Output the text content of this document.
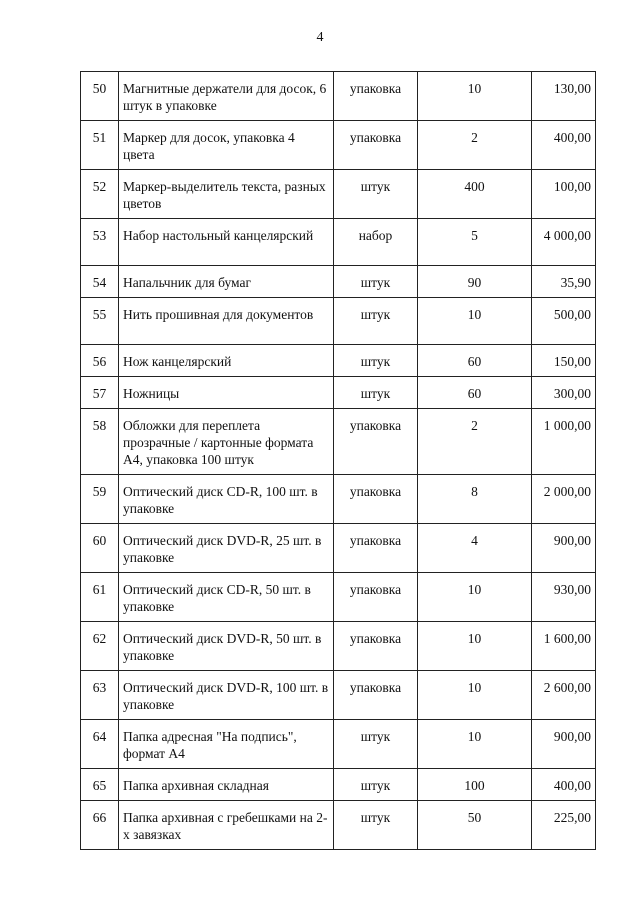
4
50	Магнитные держатели для досок, 6 штук в упаковке	упаковка	10	130,00
51	Маркер для досок, упаковка 4 цвета	упаковка	2	400,00
52	Маркер-выделитель текста, разных цветов	штук	400	100,00
53	Набор настольный канцелярский	набор	5	4 000,00
54	Напальчник для бумаг	штук	90	35,90
55	Нить прошивная для документов	штук	10	500,00
56	Нож канцелярский	штук	60	150,00
57	Ножницы	штук	60	300,00
58	Обложки для переплета прозрачные / картонные формата А4, упаковка 100 штук	упаковка	2	1 000,00
59	Оптический диск CD-R, 100 шт. в упаковке	упаковка	8	2 000,00
60	Оптический диск DVD-R, 25 шт. в упаковке	упаковка	4	900,00
61	Оптический диск CD-R, 50 шт. в упаковке	упаковка	10	930,00
62	Оптический диск DVD-R, 50 шт. в упаковке	упаковка	10	1 600,00
63	Оптический диск DVD-R, 100 шт. в упаковке	упаковка	10	2 600,00
64	Папка адресная "На подпись", формат А4	штук	10	900,00
65	Папка архивная складная	штук	100	400,00
66	Папка архивная с гребешками на 2-х завязках	штук	50	225,00
